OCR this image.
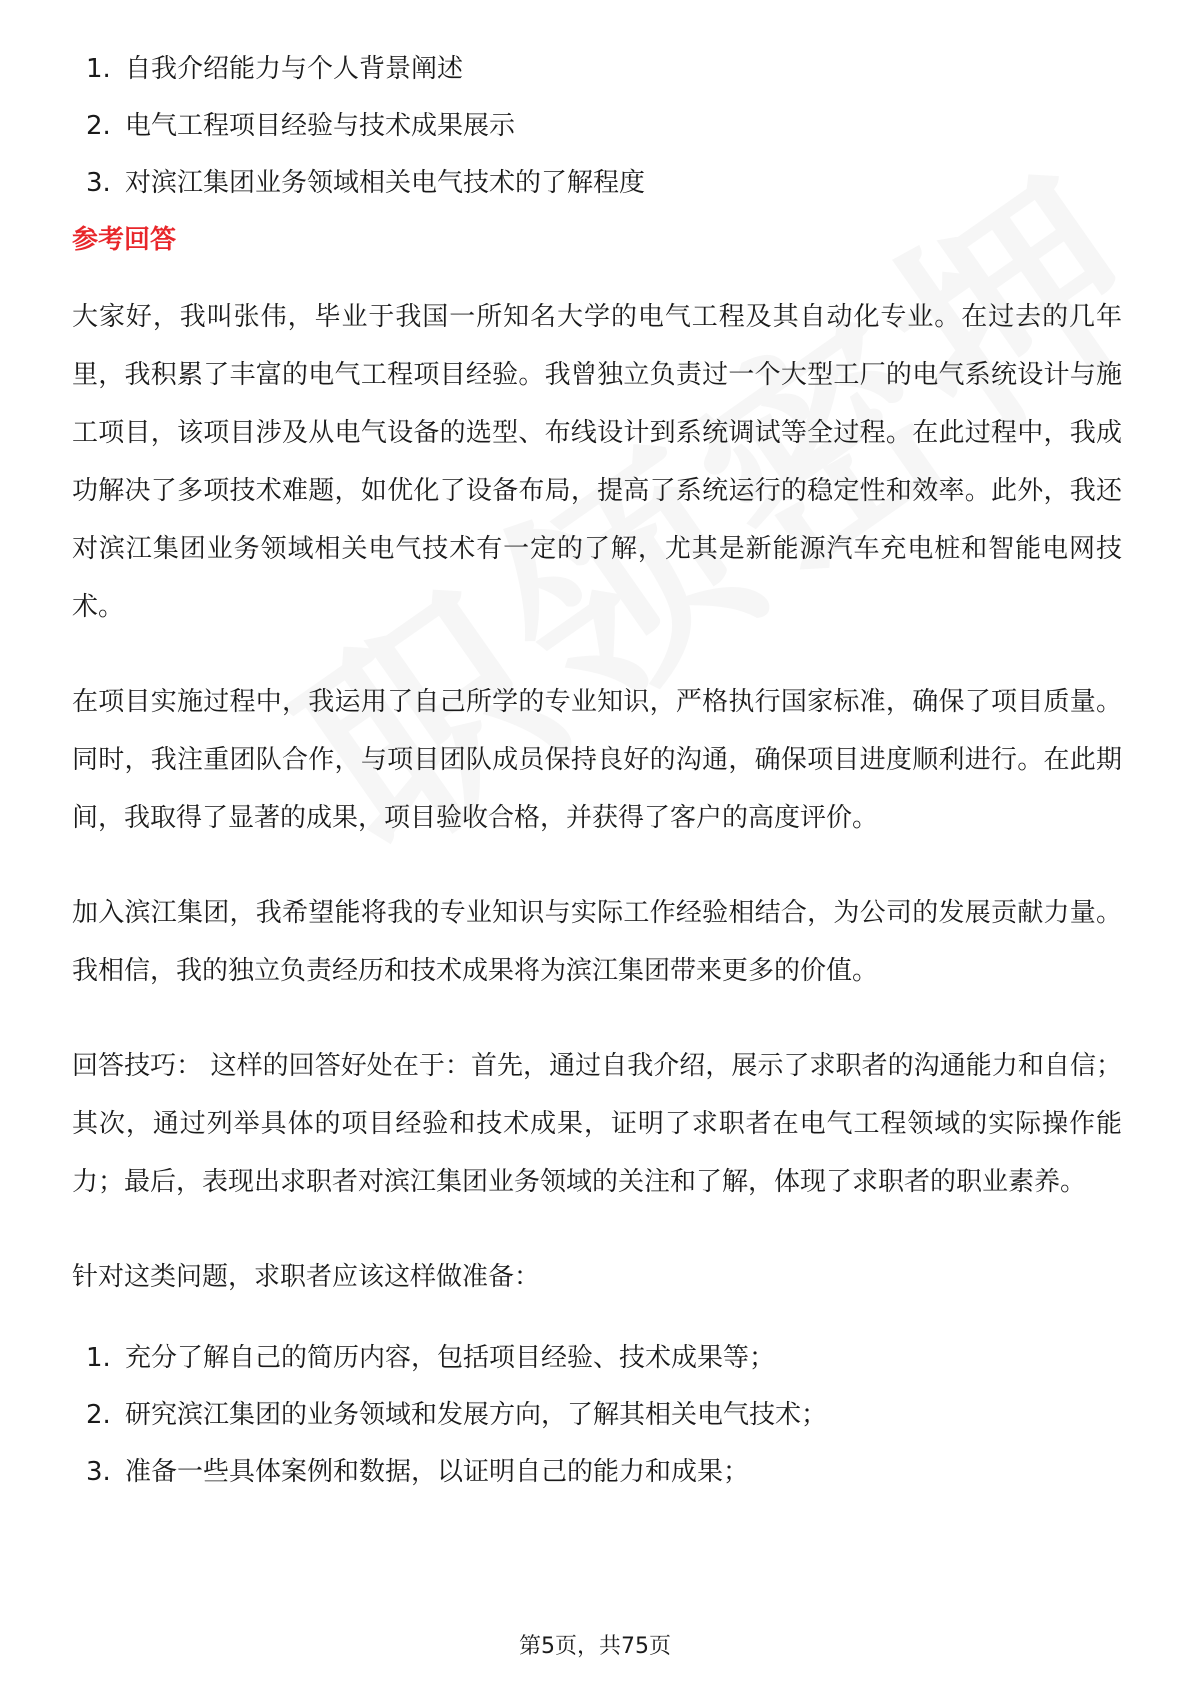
1. 自我介绍能力与个人背景阐述
2. 电气工程项目经验与技术成果展示
3. 对滨江集团业务领域相关电气技术的了解程度
参考回答

大家好，我叫张伟，毕业于我国一所知名大学的电气工程及其自动化专业。在过去的几年里，我积累了丰富的电气工程项目经验。我曾独立负责过一个大型工厂的电气系统设计与施工项目，该项目涉及从电气设备的选型、布线设计到系统调试等全过程。在此过程中，我成功解决了多项技术难题，如优化了设备布局，提高了系统运行的稳定性和效率。此外，我还对滨江集团业务领域相关电气技术有一定的了解，尤其是新能源汽车充电桩和智能电网技术。

在项目实施过程中，我运用了自己所学的专业知识，严格执行国家标准，确保了项目质量。同时，我注重团队合作，与项目团队成员保持良好的沟通，确保项目进度顺利进行。在此期间，我取得了显著的成果，项目验收合格，并获得了客户的高度评价。

加入滨江集团，我希望能将我的专业知识与实际工作经验相结合，为公司的发展贡献力量。我相信，我的独立负责经历和技术成果将为滨江集团带来更多的价值。

回答技巧： 这样的回答好处在于：首先，通过自我介绍，展示了求职者的沟通能力和自信；其次，通过列举具体的项目经验和技术成果，证明了求职者在电气工程领域的实际操作能力；最后，表现出求职者对滨江集团业务领域的关注和了解，体现了求职者的职业素养。

针对这类问题，求职者应该这样做准备：

1. 充分了解自己的简历内容，包括项目经验、技术成果等；
2. 研究滨江集团的业务领域和发展方向，了解其相关电气技术；
3. 准备一些具体案例和数据，以证明自己的能力和成果；
第5页，共75页
